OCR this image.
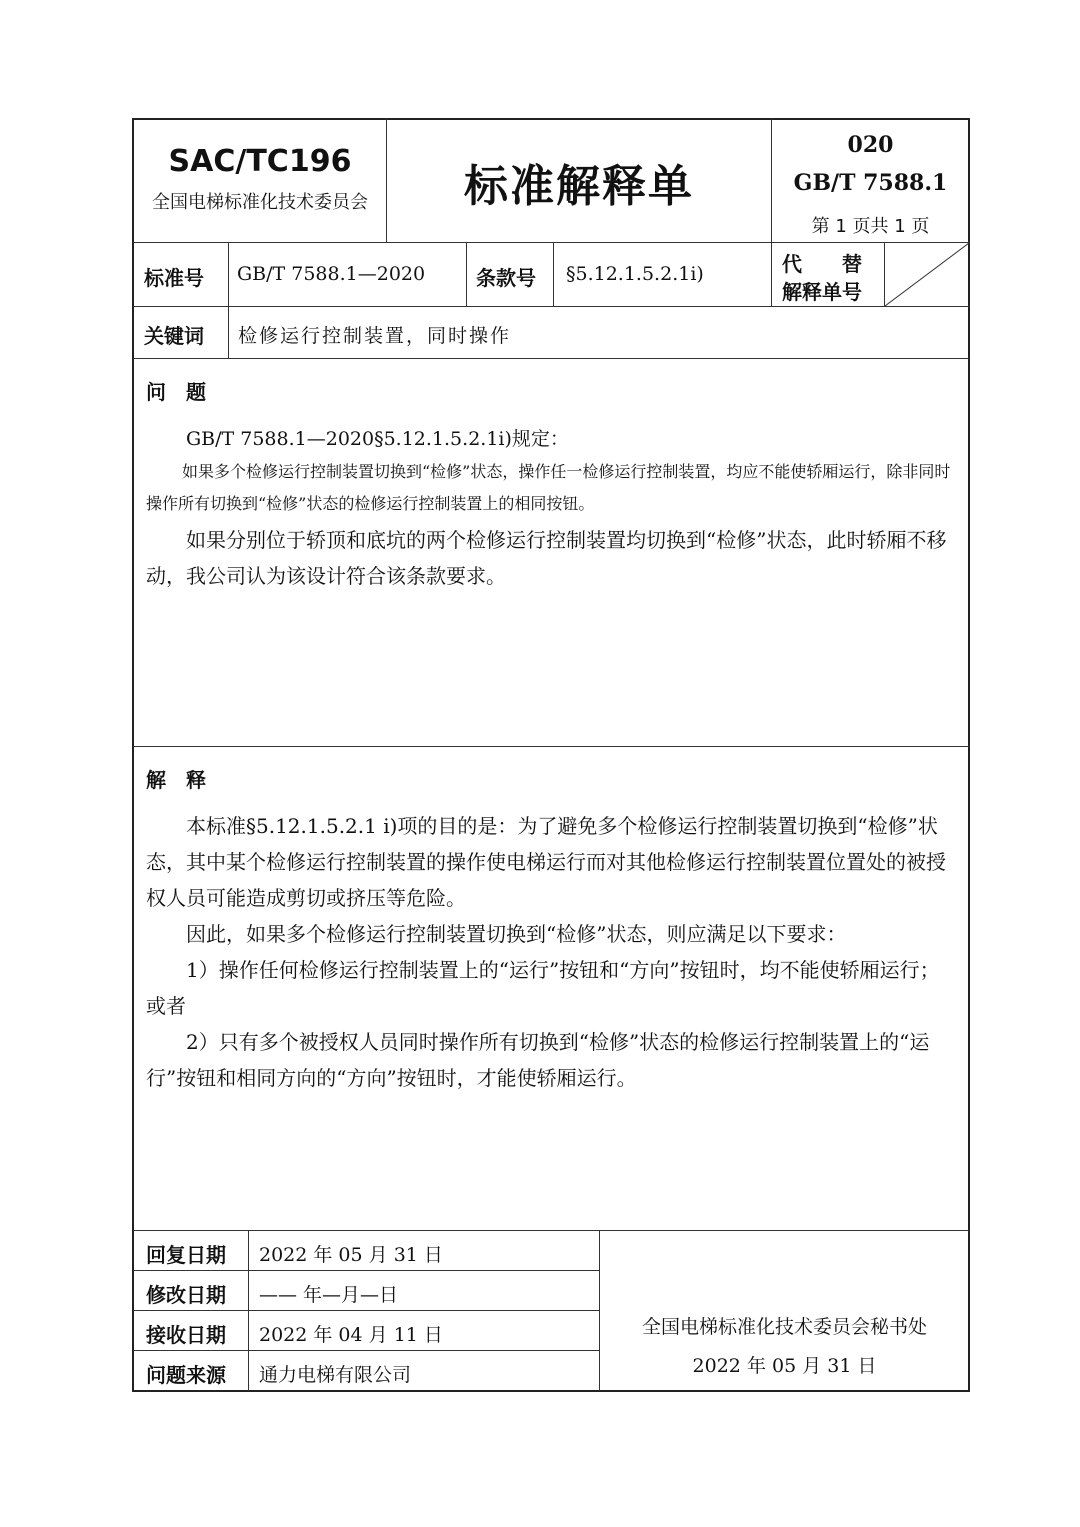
SAC/TC196
全国电梯标准化技术委员会	标准解释单
020
GB/T 7588.1
第 1 页共 1 页
标准号 GB/T 7588.1—2020	条款号 §5.12.1.5.2.1i)	代　　替
解释单号
关键词 检修运行控制装置，同时操作
问　题
GB/T 7588.1—2020§5.12.1.5.2.1i)规定：
如果多个检修运行控制装置切换到“检修”状态，操作任一检修运行控制装置，均应不能使轿厢运行，除非同时操作所有切换到“检修”状态的检修运行控制装置上的相同按钮。
如果分别位于轿顶和底坑的两个检修运行控制装置均切换到“检修”状态，此时轿厢不移动，我公司认为该设计符合该条款要求。
解　释
本标准§5.12.1.5.2.1 i)项的目的是：为了避免多个检修运行控制装置切换到“检修”状态，其中某个检修运行控制装置的操作使电梯运行而对其他检修运行控制装置位置处的被授权人员可能造成剪切或挤压等危险。
因此，如果多个检修运行控制装置切换到“检修”状态，则应满足以下要求：
1）操作任何检修运行控制装置上的“运行”按钮和“方向”按钮时，均不能使轿厢运行；或者
2）只有多个被授权人员同时操作所有切换到“检修”状态的检修运行控制装置上的“运行”按钮和相同方向的“方向”按钮时，才能使轿厢运行。
回复日期 2022 年 05 月 31 日
修改日期 —— 年—月—日
接收日期 2022 年 04 月 11 日
问题来源 通力电梯有限公司
全国电梯标准化技术委员会秘书处
2022 年 05 月 31 日
